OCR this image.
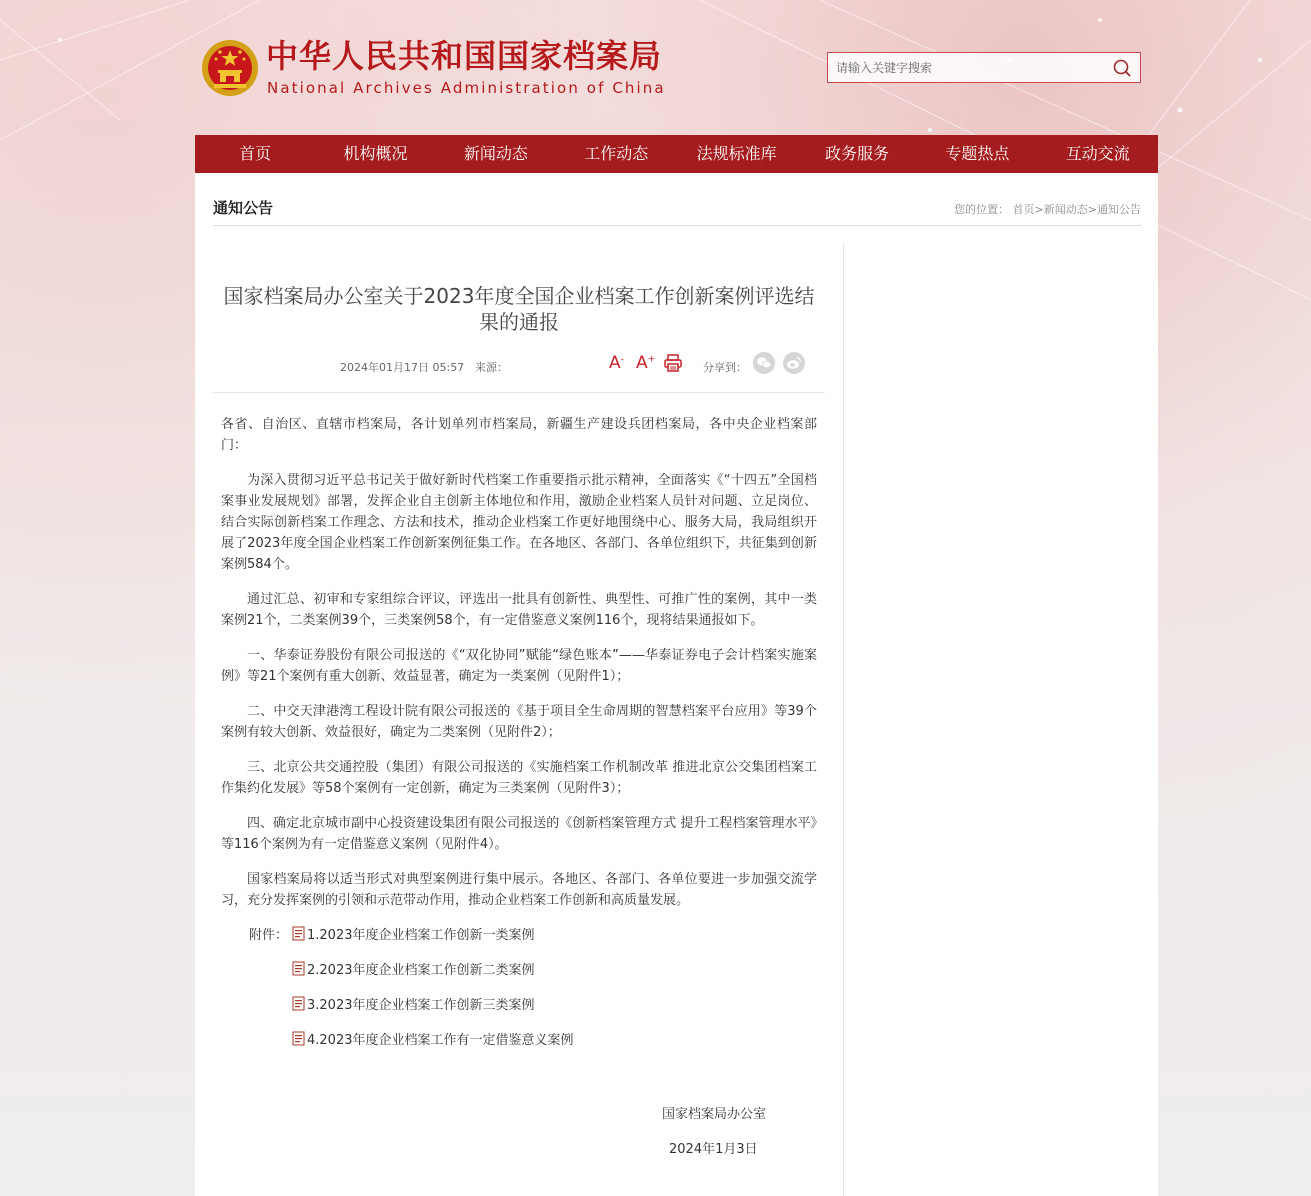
中华人民共和国国家档案局
National Archives Administration of China
请输入关键字搜索
首页	机构概况	新闻动态	工作动态	法规标准库	政务服务	专题热点	互动交流
通知公告	您的位置： 首页>新闻动态>通知公告
国家档案局办公室关于2023年度全国企业档案工作创新案例评选结果的通报
2024年01月17日 05:57 来源：	A- A+
分享到：

各省、自治区、直辖市档案局，各计划单列市档案局，新疆生产建设兵团档案局，各中央企业档案部门：

为深入贯彻习近平总书记关于做好新时代档案工作重要指示批示精神，全面落实《“十四五”全国档案事业发展规划》部署，发挥企业自主创新主体地位和作用，激励企业档案人员针对问题、立足岗位、结合实际创新档案工作理念、方法和技术，推动企业档案工作更好地围绕中心、服务大局，我局组织开展了2023年度全国企业档案工作创新案例征集工作。在各地区、各部门、各单位组织下，共征集到创新案例584个。

通过汇总、初审和专家组综合评议，评选出一批具有创新性、典型性、可推广性的案例，其中一类案例21个，二类案例39个，三类案例58个，有一定借鉴意义案例116个，现将结果通报如下。

一、华泰证券股份有限公司报送的《“双化协同”赋能“绿色账本”——华泰证券电子会计档案实施案例》等21个案例有重大创新、效益显著，确定为一类案例（见附件1）；

二、中交天津港湾工程设计院有限公司报送的《基于项目全生命周期的智慧档案平台应用》等39个案例有较大创新、效益很好，确定为二类案例（见附件2）；

三、北京公共交通控股（集团）有限公司报送的《实施档案工作机制改革 推进北京公交集团档案工作集约化发展》等58个案例有一定创新，确定为三类案例（见附件3）；

四、确定北京城市副中心投资建设集团有限公司报送的《创新档案管理方式 提升工程档案管理水平》等116个案例为有一定借鉴意义案例（见附件4）。

国家档案局将以适当形式对典型案例进行集中展示。各地区、各部门、各单位要进一步加强交流学习，充分发挥案例的引领和示范带动作用，推动企业档案工作创新和高质量发展。

附件： 1.2023年度企业档案工作创新一类案例
2.2023年度企业档案工作创新二类案例
3.2023年度企业档案工作创新三类案例
4.2023年度企业档案工作有一定借鉴意义案例
国家档案局办公室
2024年1月3日
